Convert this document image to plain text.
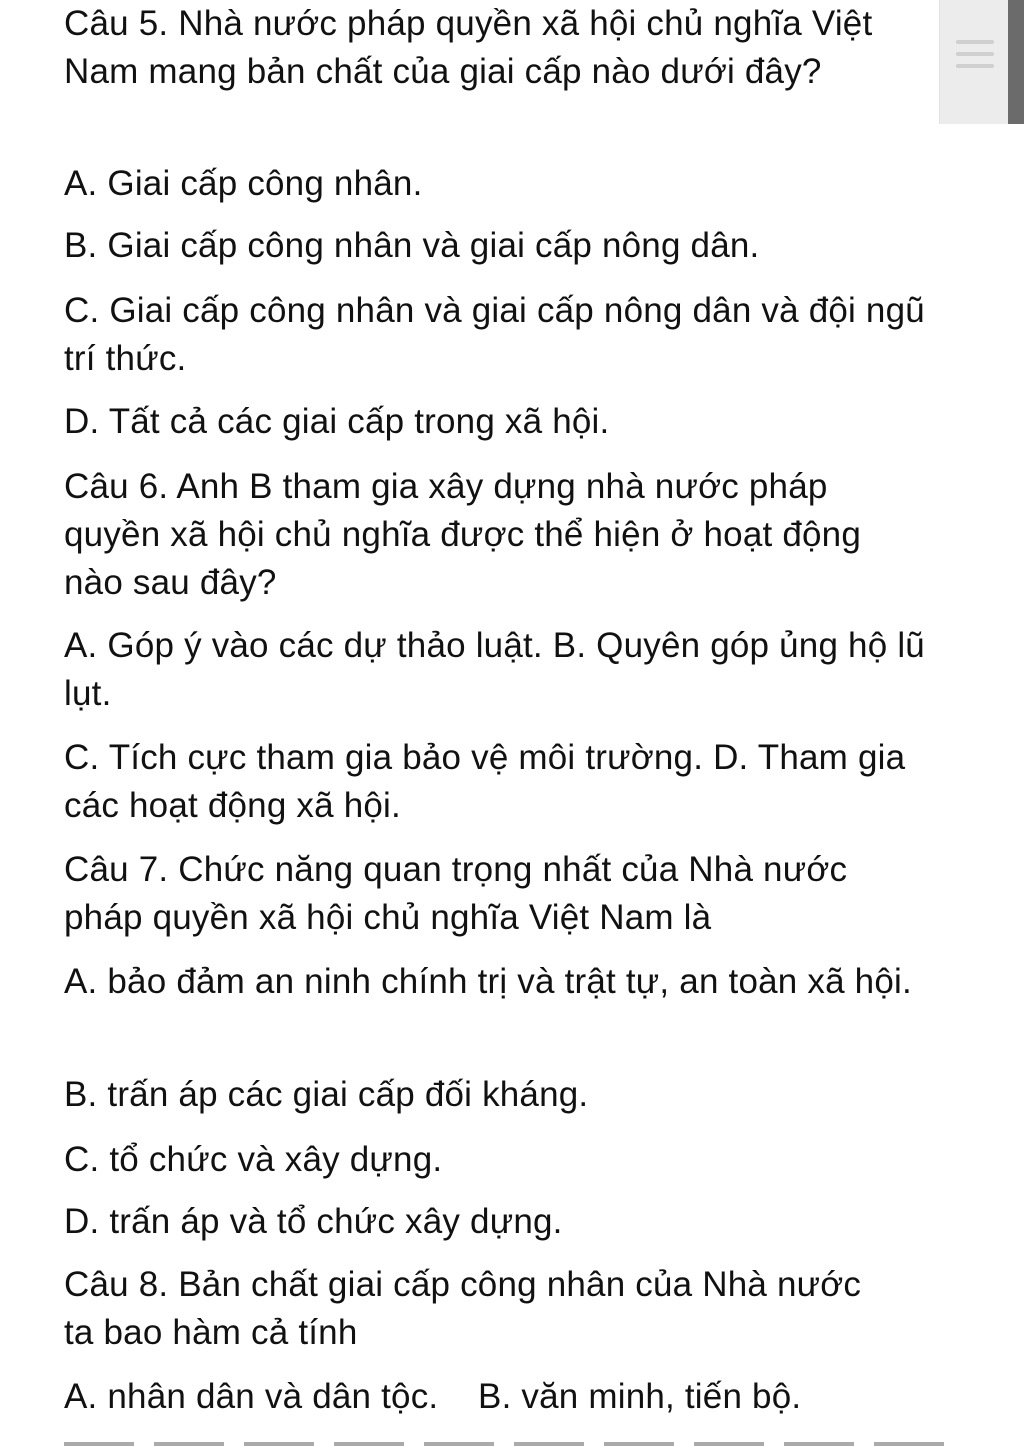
Câu 5. Nhà nước pháp quyền xã hội chủ nghĩa Việt Nam mang bản chất của giai cấp nào dưới đây?

A. Giai cấp công nhân.

B. Giai cấp công nhân và giai cấp nông dân.

C. Giai cấp công nhân và giai cấp nông dân và đội ngũ trí thức.

D. Tất cả các giai cấp trong xã hội.

Câu 6. Anh B tham gia xây dựng nhà nước pháp quyền xã hội chủ nghĩa được thể hiện ở hoạt động nào sau đây?

A. Góp ý vào các dự thảo luật. B. Quyên góp ủng hộ lũ lụt.

C. Tích cực tham gia bảo vệ môi trường. D. Tham gia các hoạt động xã hội.

Câu 7. Chức năng quan trọng nhất của Nhà nước pháp quyền xã hội chủ nghĩa Việt Nam là

A. bảo đảm an ninh chính trị và trật tự, an toàn xã hội.

B. trấn áp các giai cấp đối kháng.

C. tổ chức và xây dựng.

D. trấn áp và tổ chức xây dựng.

Câu 8. Bản chất giai cấp công nhân của Nhà nước ta bao hàm cả tính

A. nhân dân và dân tộc.    B. văn minh, tiến bộ.
